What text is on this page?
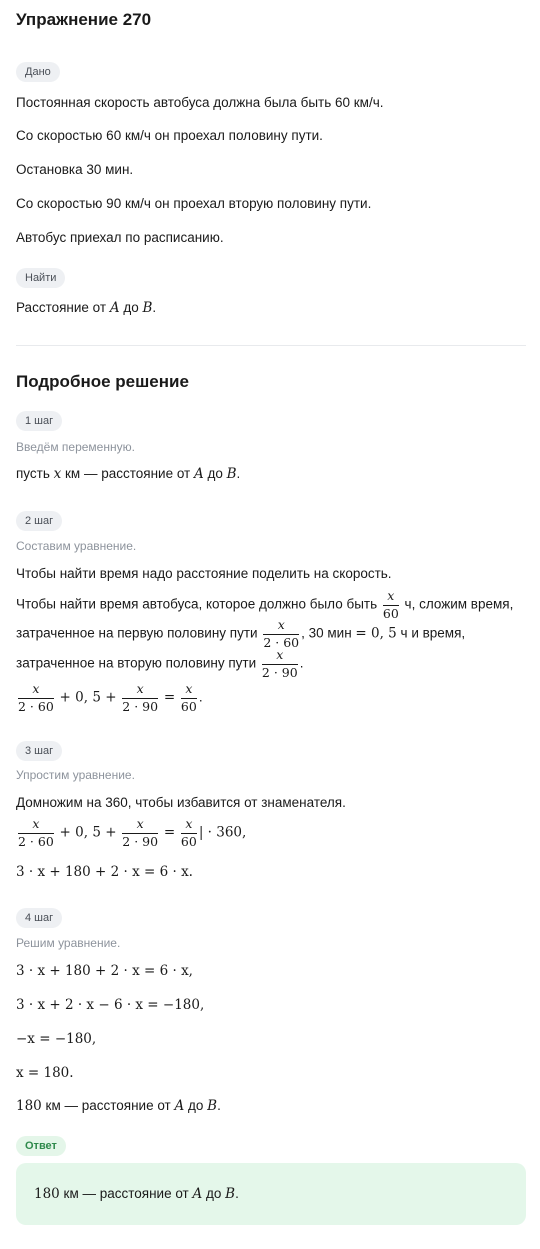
Упражнение 270
Дано
Постоянная скорость автобуса должна была быть 60 км/ч.
Со скоростью 60 км/ч он проехал половину пути.
Остановка 30 мин.
Со скоростью 90 км/ч он проехал вторую половину пути.
Автобус приехал по расписанию.
Найти
Расстояние от A до B.
Подробное решение
1 шаг
Введём переменную.
пусть x км — расстояние от A до B.
2 шаг
Составим уравнение.
Чтобы найти время надо расстояние поделить на скорость.
Чтобы найти время автобуса, которое должно было быть $\frac{x}{60} ч$, сложим время,
затраченное на первую половину пути $\frac{x}{2 \cdot 60}$ , 30 мин = 0, 5 ч и время,
затраченное на вторую половину пути $\frac{x}{2 \cdot 90}$ .
$\frac{x}{2 \cdot 60} + 0$, $5 + \frac{x}{2 \cdot 90} = \frac{x}{60}$ .
3 шаг
Упростим уравнение.
Домножим на 360, чтобы избавится от знаменателя.
$\frac{x}{2 \cdot 60} + 0$, $5 + \frac{x}{2 \cdot 90} = \frac{x}{60}$ | · 360,
3 · x + 180 + 2 · x = 6 · x.
4 шаг
Решим уравнение.
3 · x + 180 + 2 · x = 6 · x,
3 · x + 2 · x − 6 · x = −180,
−x = −180,
x = 180.
180 км — расстояние от A до B.
Ответ
180 км — расстояние от A до B.
